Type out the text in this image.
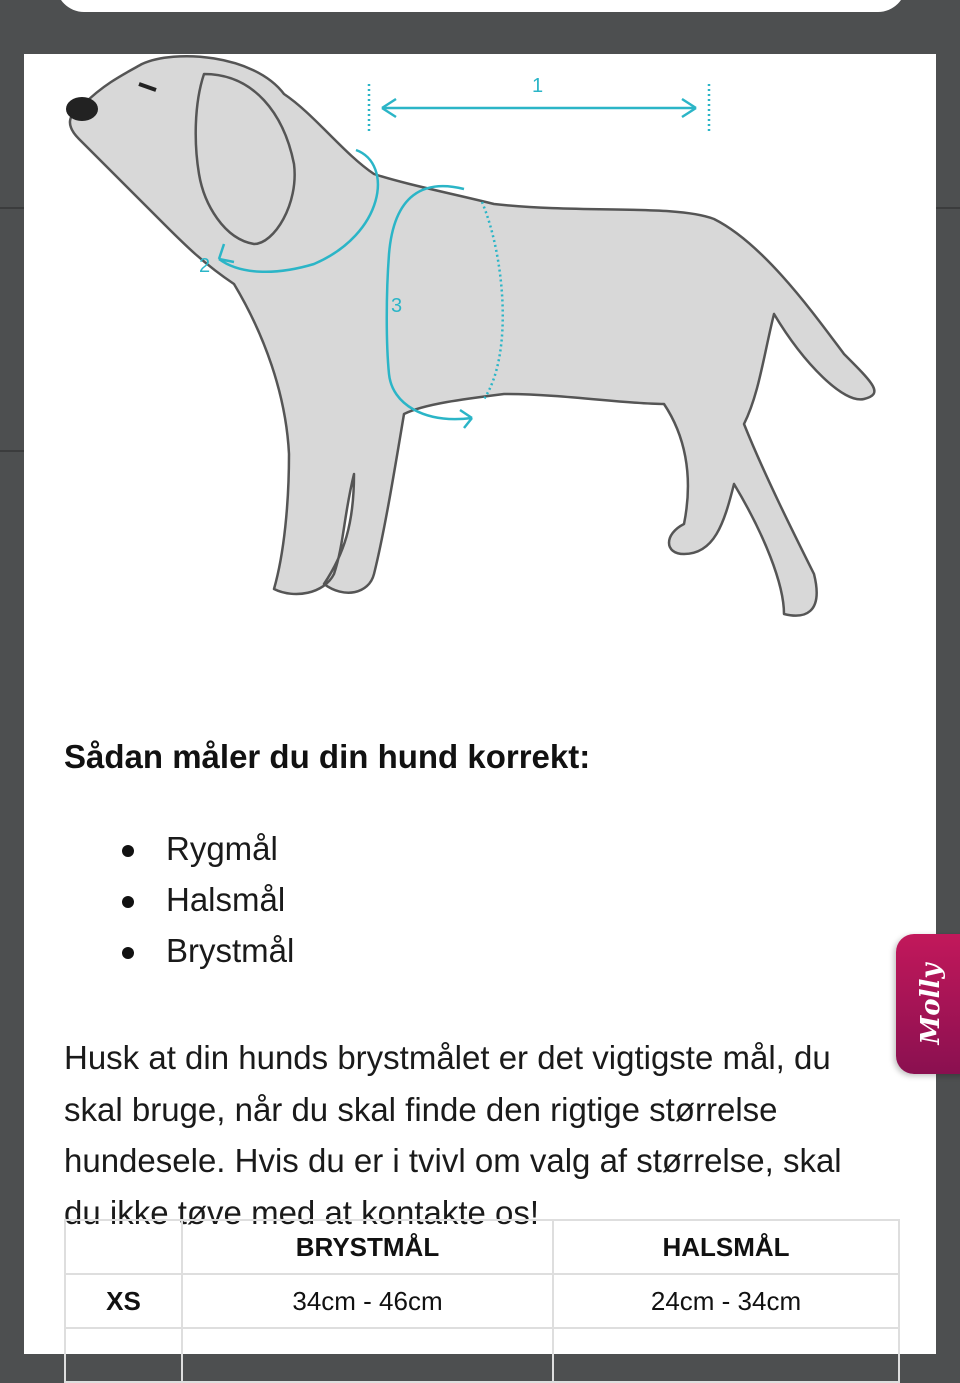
1
2
3
Sådan måler du din hund korrekt:
Rygmål
Halsmål
Brystmål

Husk at din hunds brystmålet er det vigtigste mål, du skal bruge, når du skal finde den rigtige størrelse hundesele. Hvis du er i tvivl om valg af størrelse, skal du ikke tøve med at kontakte os!

	BRYSTMÅL	HALSMÅL
XS	34cm - 46cm	24cm - 34cm

Molly
